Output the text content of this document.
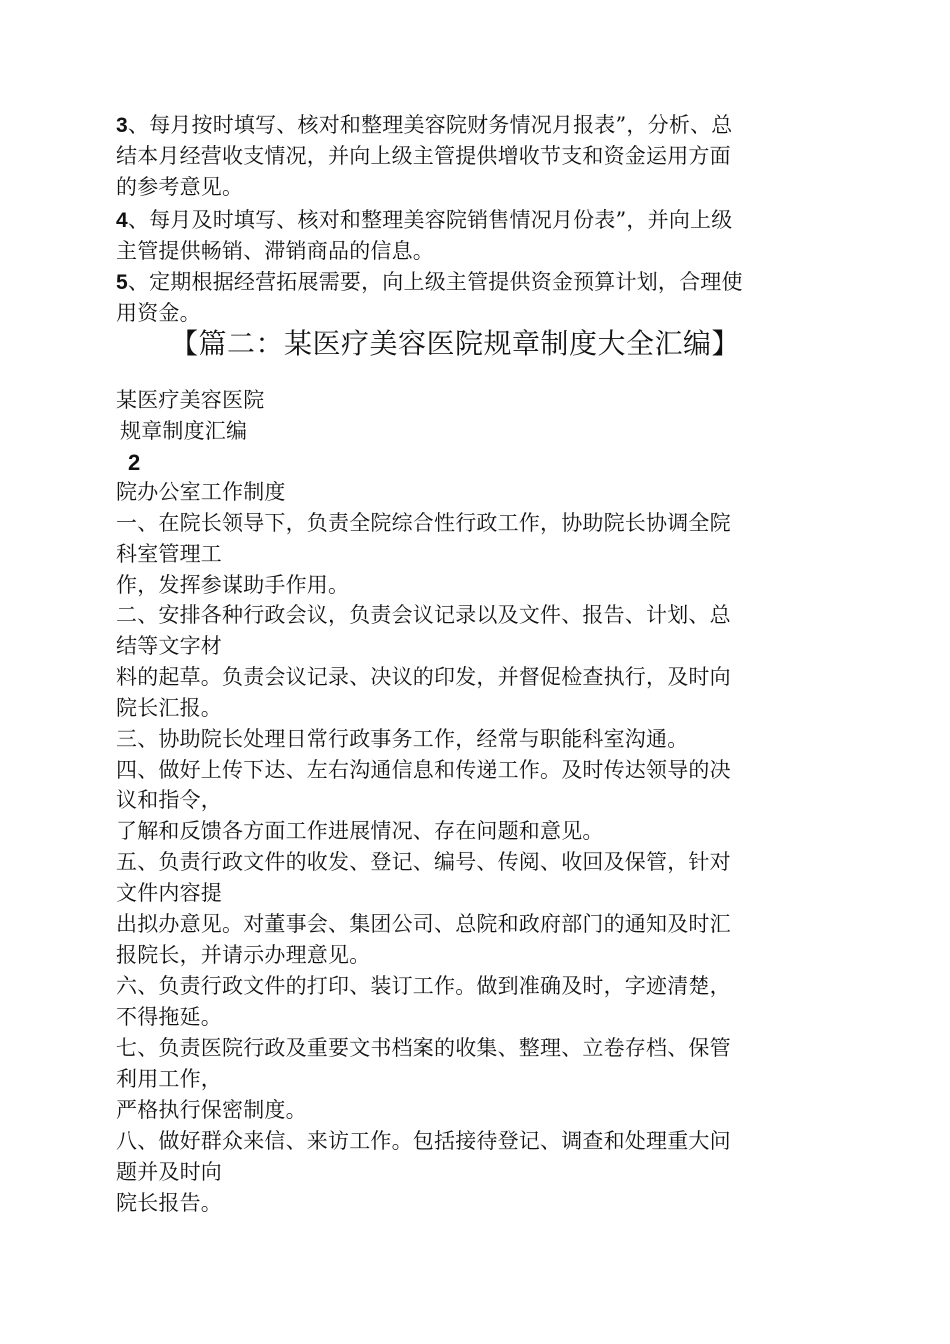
3、每月按时填写、核对和整理美容院财务情况月报表”，分析、总
结本月经营收支情况，并向上级主管提供增收节支和资金运用方面
的参考意见。
4、每月及时填写、核对和整理美容院销售情况月份表”，并向上级
主管提供畅销、滞销商品的信息。
5、定期根据经营拓展需要，向上级主管提供资金预算计划，合理使
用资金。
【篇二：某医疗美容医院规章制度大全汇编】
某医疗美容医院
规章制度汇编
2
院办公室工作制度
一、在院长领导下，负责全院综合性行政工作，协助院长协调全院
科室管理工
作，发挥参谋助手作用。
二、安排各种行政会议，负责会议记录以及文件、报告、计划、总
结等文字材
料的起草。负责会议记录、决议的印发，并督促检查执行，及时向
院长汇报。
三、协助院长处理日常行政事务工作，经常与职能科室沟通。
四、做好上传下达、左右沟通信息和传递工作。及时传达领导的决
议和指令，
了解和反馈各方面工作进展情况、存在问题和意见。
五、负责行政文件的收发、登记、编号、传阅、收回及保管，针对
文件内容提
出拟办意见。对董事会、集团公司、总院和政府部门的通知及时汇
报院长，并请示办理意见。
六、负责行政文件的打印、装订工作。做到准确及时，字迹清楚，
不得拖延。
七、负责医院行政及重要文书档案的收集、整理、立卷存档、保管
利用工作，
严格执行保密制度。
八、做好群众来信、来访工作。包括接待登记、调查和处理重大问
题并及时向
院长报告。
